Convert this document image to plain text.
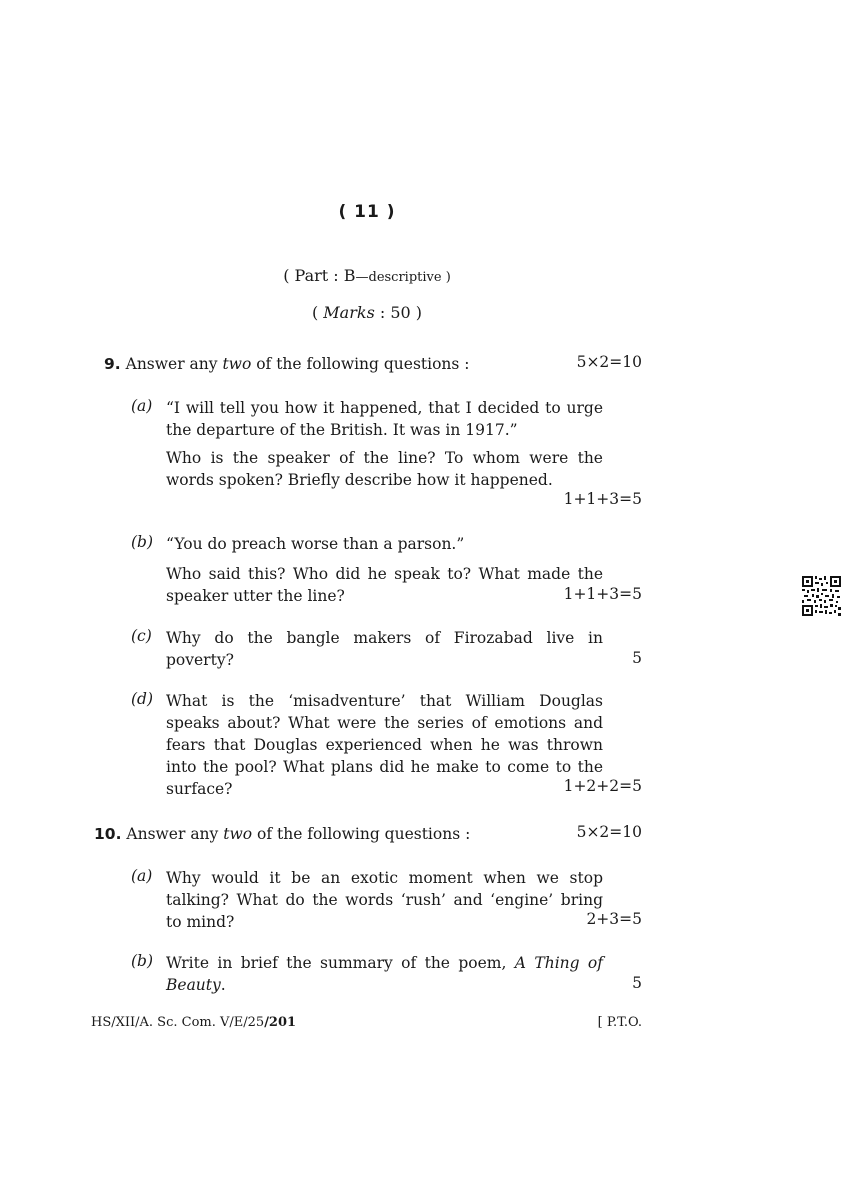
( 11 )
( Part : B—descriptive )
( Marks : 50 )
9. Answer any two of the following questions :	5×2=10
(a) “I will tell you how it happened, that I decided to urge
the departure of the British. It was in 1917.”
Who is the speaker of the line? To whom were the
words spoken? Briefly describe how it happened.
1+1+3=5
(b) “You do preach worse than a parson.”
Who said this? Who did he speak to? What made the
speaker utter the line?	1+1+3=5
(c) Why do the bangle makers of Firozabad live in
poverty?	5
(d) What is the ‘misadventure’ that William Douglas
speaks about? What were the series of emotions and
fears that Douglas experienced when he was thrown
into the pool? What plans did he make to come to the
surface?	1+2+2=5
10. Answer any two of the following questions :	5×2=10
(a) Why would it be an exotic moment when we stop
talking? What do the words ‘rush’ and ‘engine’ bring
to mind?	2+3=5
(b) Write in brief the summary of the poem, A Thing of
Beauty.	5
HS/XII/A. Sc. Com. V/E/25/201	[ P.T.O.
